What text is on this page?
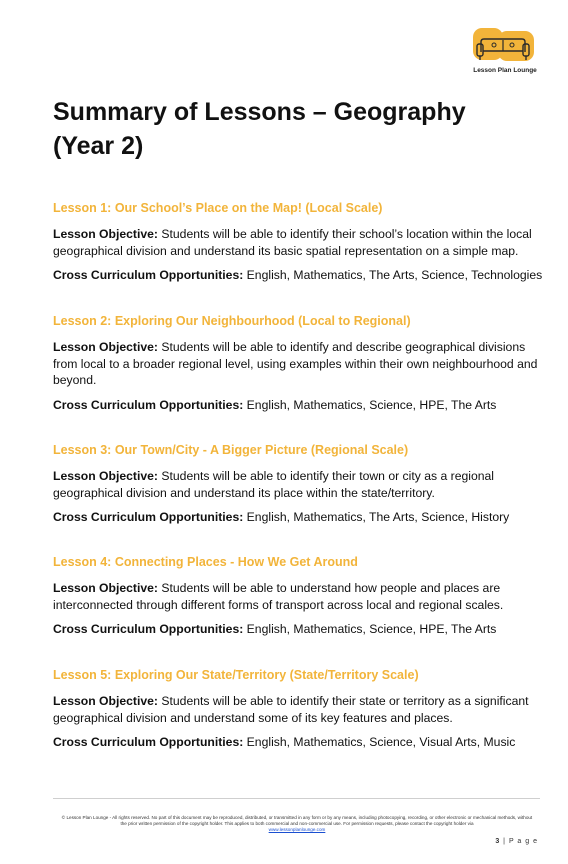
Lesson Plan Lounge
Summary of Lessons – Geography (Year 2)

Lesson 1: Our School’s Place on the Map! (Local Scale)

Lesson Objective: Students will be able to identify their school’s location within the local geographical division and understand its basic spatial representation on a simple map.

Cross Curriculum Opportunities: English, Mathematics, The Arts, Science, Technologies

Lesson 2: Exploring Our Neighbourhood (Local to Regional)

Lesson Objective: Students will be able to identify and describe geographical divisions from local to a broader regional level, using examples within their own neighbourhood and beyond.

Cross Curriculum Opportunities: English, Mathematics, Science, HPE, The Arts

Lesson 3: Our Town/City - A Bigger Picture (Regional Scale)

Lesson Objective: Students will be able to identify their town or city as a regional geographical division and understand its place within the state/territory.

Cross Curriculum Opportunities: English, Mathematics, The Arts, Science, History

Lesson 4: Connecting Places - How We Get Around

Lesson Objective: Students will be able to understand how people and places are interconnected through different forms of transport across local and regional scales.

Cross Curriculum Opportunities: English, Mathematics, Science, HPE, The Arts

Lesson 5: Exploring Our State/Territory (State/Territory Scale)

Lesson Objective: Students will be able to identify their state or territory as a significant geographical division and understand some of its key features and places.

Cross Curriculum Opportunities: English, Mathematics, Science, Visual Arts, Music

© Lesson Plan Lounge - All rights reserved. No part of this document may be reproduced, distributed, or transmitted in any form or by any means, including photocopying, recording, or other electronic or mechanical methods, without the prior written permission of the copyright holder. This applies to both commercial and non-commercial use. For permission requests, please contact the copyright holder via
www.lessonplanlounge.com
3 | P a g e
